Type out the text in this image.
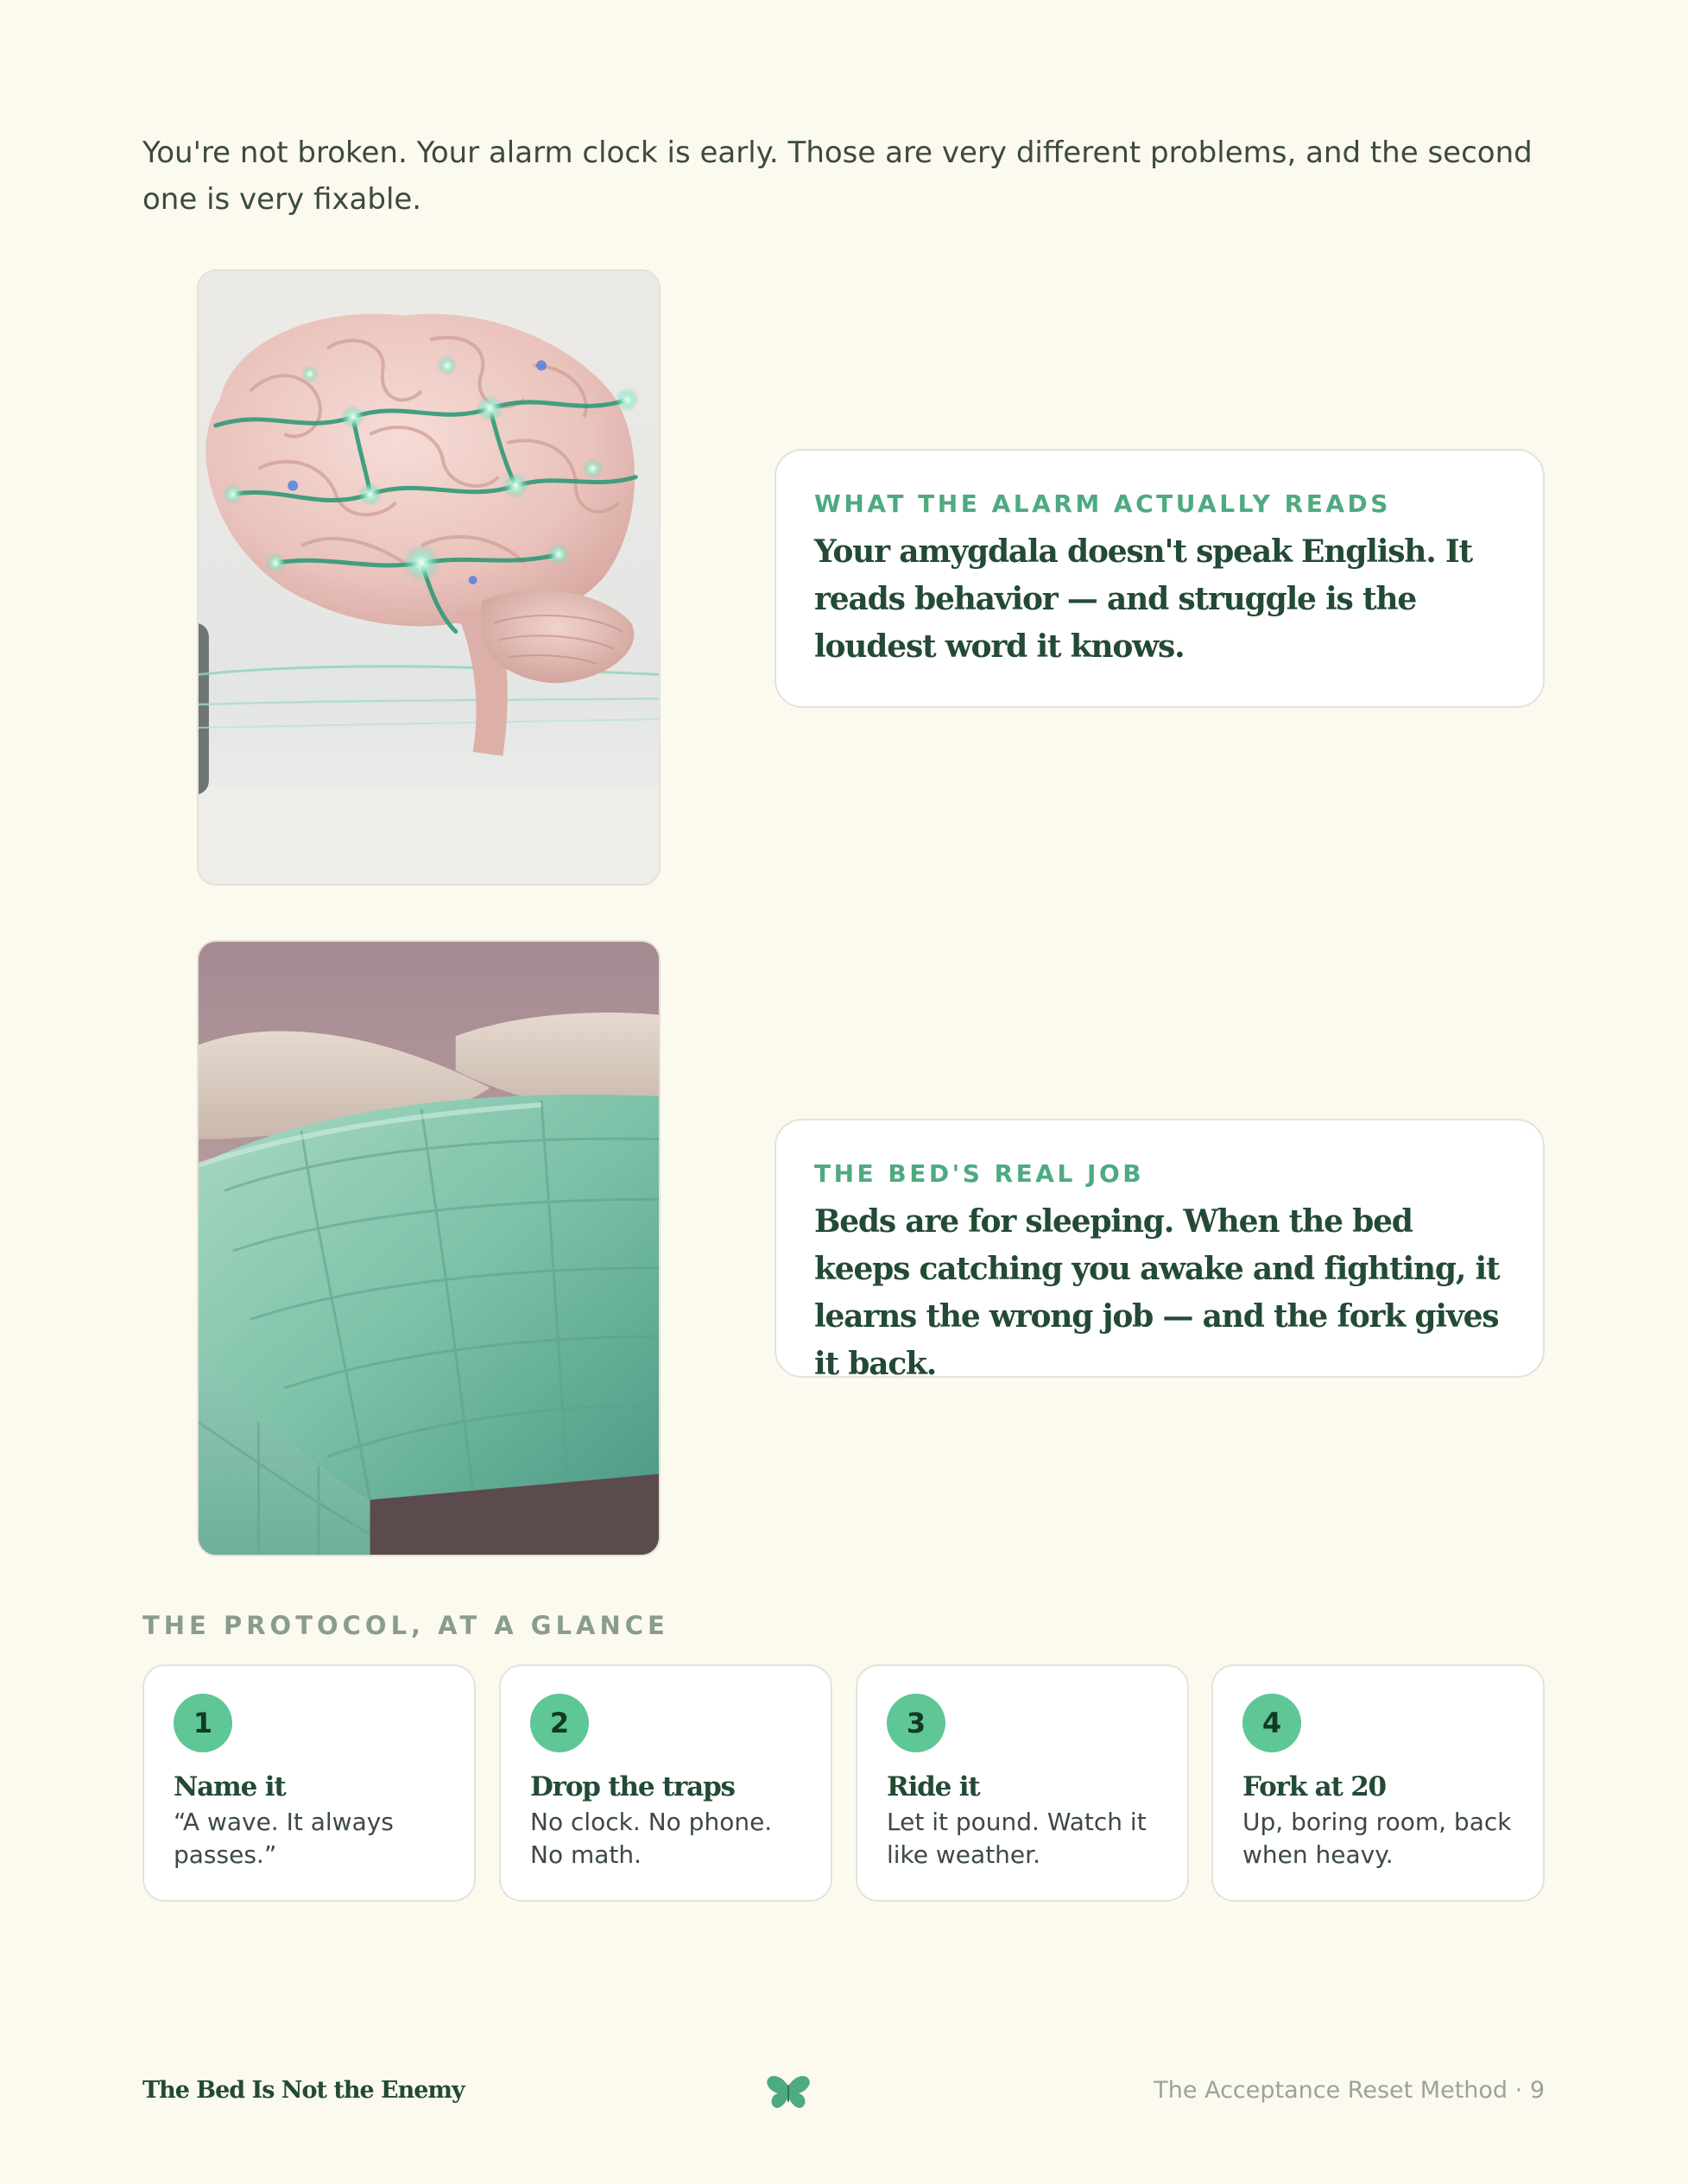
You're not broken. Your alarm clock is early. Those are very different problems, and the second one is very fixable.

WHAT THE ALARM ACTUALLY READS

Your amygdala doesn't speak English. It reads behavior — and struggle is the loudest word it knows.

THE BED'S REAL JOB

Beds are for sleeping. When the bed keeps catching you awake and fighting, it learns the wrong job — and the fork gives it back.

THE PROTOCOL, AT A GLANCE

1
Name it
“A wave. It always passes.”
2
Drop the traps
No clock. No phone. No math.
3
Ride it
Let it pound. Watch it like weather.
4
Fork at 20
Up, boring room, back when heavy.
The Bed Is Not the Enemy	The Acceptance Reset Method · 9
